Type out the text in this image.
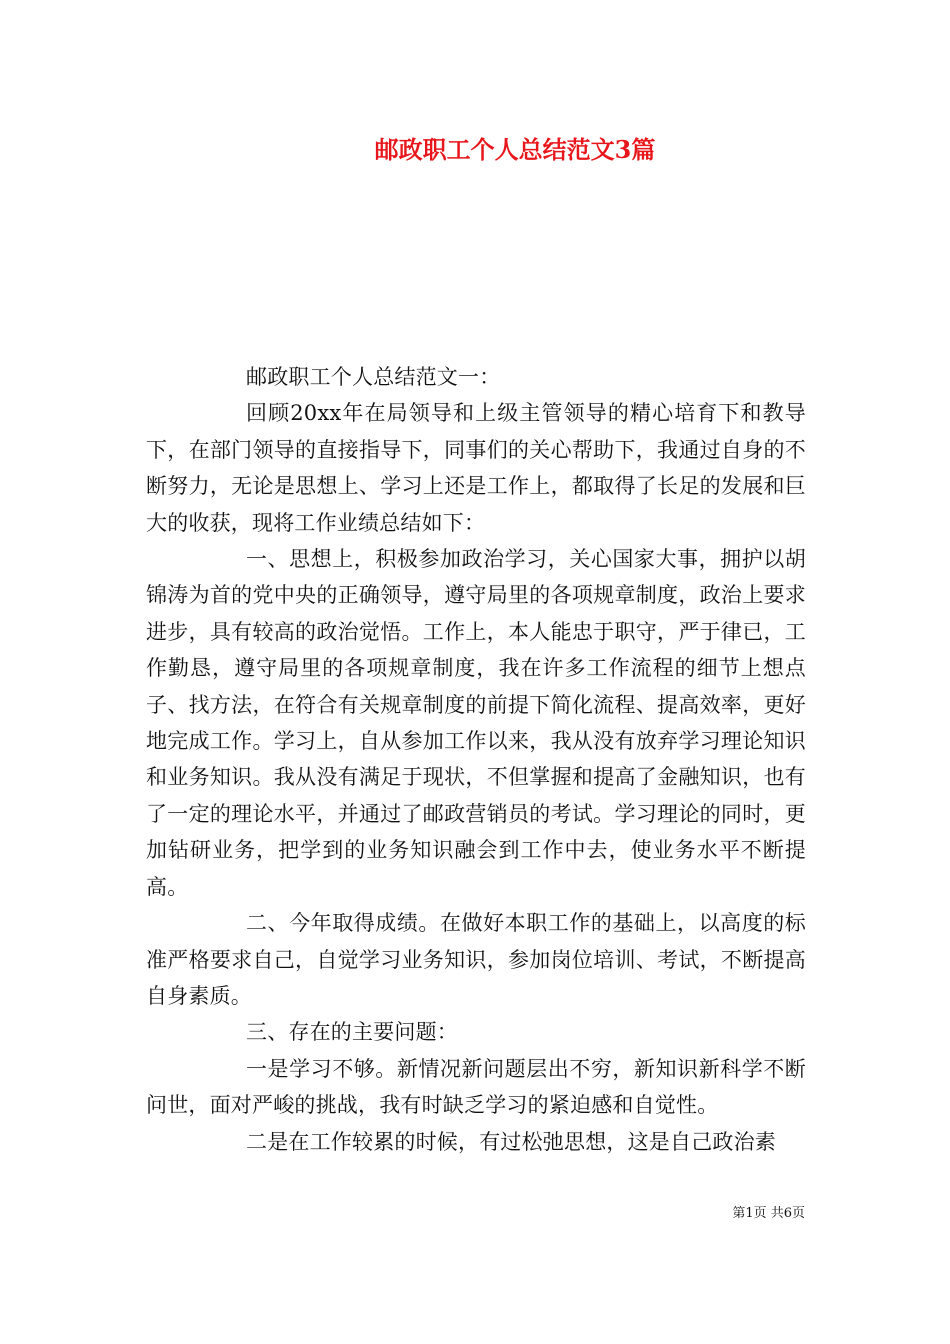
邮政职工个人总结范文3篇

邮政职工个人总结范文一：

回顾20xx年在局领导和上级主管领导的精心培育下和教导下，在部门领导的直接指导下，同事们的关心帮助下，我通过自身的不断努力，无论是思想上、学习上还是工作上，都取得了长足的发展和巨大的收获，现将工作业绩总结如下：

一、思想上，积极参加政治学习，关心国家大事，拥护以胡锦涛为首的党中央的正确领导，遵守局里的各项规章制度，政治上要求进步，具有较高的政治觉悟。工作上，本人能忠于职守，严于律已，工作勤恳，遵守局里的各项规章制度，我在许多工作流程的细节上想点子、找方法，在符合有关规章制度的前提下简化流程、提高效率，更好地完成工作。学习上，自从参加工作以来，我从没有放弃学习理论知识和业务知识。我从没有满足于现状，不但掌握和提高了金融知识，也有了一定的理论水平，并通过了邮政营销员的考试。学习理论的同时，更加钻研业务，把学到的业务知识融会到工作中去，使业务水平不断提高。

二、今年取得成绩。在做好本职工作的基础上，以高度的标准严格要求自己，自觉学习业务知识，参加岗位培训、考试，不断提高自身素质。

三、存在的主要问题：

一是学习不够。新情况新问题层出不穷，新知识新科学不断问世，面对严峻的挑战，我有时缺乏学习的紧迫感和自觉性。

二是在工作较累的时候，有过松弛思想，这是自己政治素

第1页 共6页
